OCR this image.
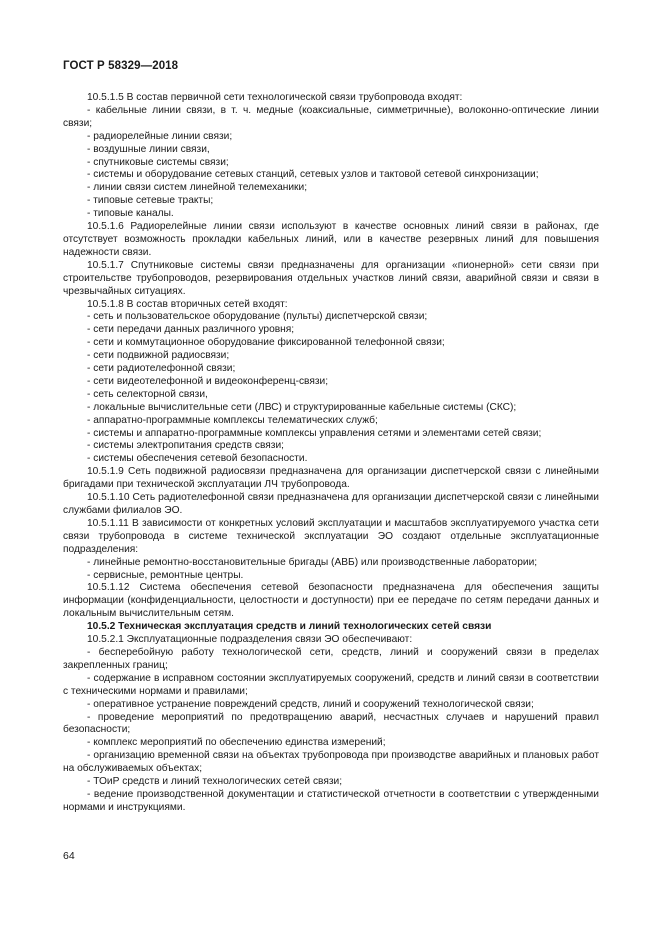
ГОСТ Р 58329—2018

10.5.1.5 В состав первичной сети технологической связи трубопровода входят:

- кабельные линии связи, в т. ч. медные (коаксиальные, симметричные), волоконно-оптические линии связи;

- радиорелейные линии связи;

- воздушные линии связи,

- спутниковые системы связи;

- системы и оборудование сетевых станций, сетевых узлов и тактовой сетевой синхронизации;

- линии связи систем линейной телемеханики;

- типовые сетевые тракты;

- типовые каналы.

10.5.1.6 Радиорелейные линии связи используют в качестве основных линий связи в районах, где отсутствует возможность прокладки кабельных линий, или в качестве резервных линий для повышения надежности связи.

10.5.1.7 Спутниковые системы связи предназначены для организации «пионерной» сети связи при строительстве трубопроводов, резервирования отдельных участков линий связи, аварийной связи и связи в чрезвычайных ситуациях.

10.5.1.8 В состав вторичных сетей входят:

- сеть и пользовательское оборудование (пульты) диспетчерской связи;

- сети передачи данных различного уровня;

- сети и коммутационное оборудование фиксированной телефонной связи;

- сети подвижной радиосвязи;

- сети радиотелефонной связи;

- сети видеотелефонной и видеоконференц-связи;

- сеть селекторной связи,

- локальные вычислительные сети (ЛВС) и структурированные кабельные системы (СКС);

- аппаратно-программные комплексы телематических служб;

- системы и аппаратно-программные комплексы управления сетями и элементами сетей связи;

- системы электропитания средств связи;

- системы обеспечения сетевой безопасности.

10.5.1.9 Сеть подвижной радиосвязи предназначена для организации диспетчерской связи с линейными бригадами при технической эксплуатации ЛЧ трубопровода.

10.5.1.10 Сеть радиотелефонной связи предназначена для организации диспетчерской связи с линейными службами филиалов ЭО.

10.5.1.11 В зависимости от конкретных условий эксплуатации и масштабов эксплуатируемого участка сети связи трубопровода в системе технической эксплуатации ЭО создают отдельные эксплуатационные подразделения:

- линейные ремонтно-восстановительные бригады (АВБ) или производственные лаборатории;

- сервисные, ремонтные центры.

10.5.1.12 Система обеспечения сетевой безопасности предназначена для обеспечения защиты информации (конфиденциальности, целостности и доступности) при ее передаче по сетям передачи данных и локальным вычислительным сетям.

10.5.2 Техническая эксплуатация средств и линий технологических сетей связи

10.5.2.1 Эксплуатационные подразделения связи ЭО обеспечивают:

- бесперебойную работу технологической сети, средств, линий и сооружений связи в пределах закрепленных границ;

- содержание в исправном состоянии эксплуатируемых сооружений, средств и линий связи в соответствии с техническими нормами и правилами;

- оперативное устранение повреждений средств, линий и сооружений технологической связи;

- проведение мероприятий по предотвращению аварий, несчастных случаев и нарушений правил безопасности;

- комплекс мероприятий по обеспечению единства измерений;

- организацию временной связи на объектах трубопровода при производстве аварийных и плановых работ на обслуживаемых объектах;

- ТОиР средств и линий технологических сетей связи;

- ведение производственной документации и статистической отчетности в соответствии с утвержденными нормами и инструкциями.

64
